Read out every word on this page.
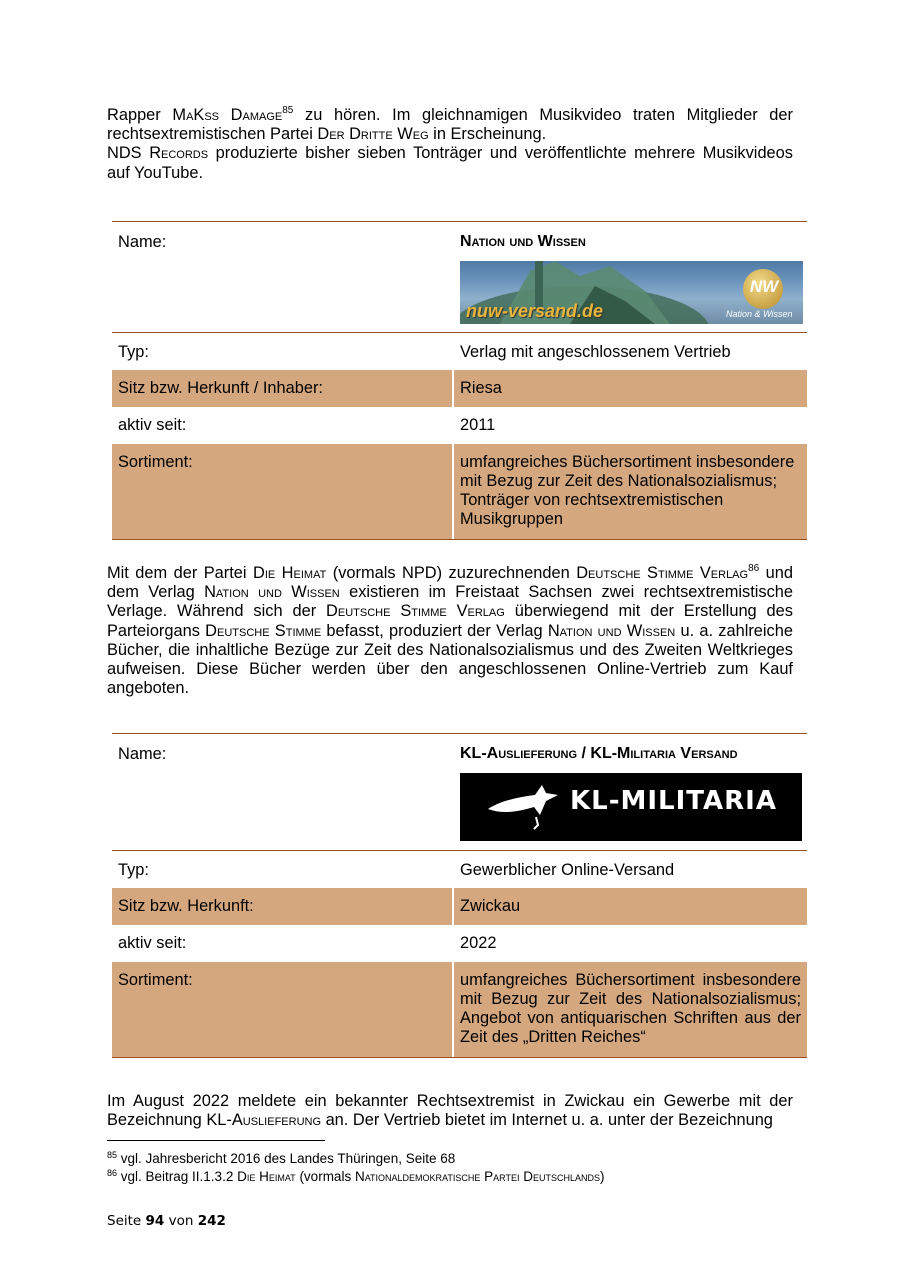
Rapper MaKss Damage$^{85}$ zu hören. Im gleichnamigen Musikvideo traten Mitglieder der rechtsextremistischen Partei Der Dritte Weg in Erscheinung.
NDS Records produzierte bisher sieben Tonträger und veröffentlichte mehrere Musikvideos auf YouTube.
Name:	Nation und Wissen
NW
nuw-versand.de	Nation & Wissen
Typ:	Verlag mit angeschlossenem Vertrieb
Sitz bzw. Herkunft / Inhaber:	Riesa
aktiv seit:	2011
Sortiment:	umfangreiches Büchersortiment insbesondere mit Bezug zur Zeit des Nationalsozialismus; Tonträger von rechtsextremistischen Musikgruppen
Mit dem der Partei Die Heimat (vormals NPD) zuzurechnenden Deutsche Stimme Verlag$^{86}$ und dem Verlag Nation und Wissen existieren im Freistaat Sachsen zwei rechtsextremistische Verlage. Während sich der Deutsche Stimme Verlag überwiegend mit der Erstellung des Parteiorgans Deutsche Stimme befasst, produziert der Verlag Nation und Wissen u. a. zahlreiche Bücher, die inhaltliche Bezüge zur Zeit des Nationalsozialismus und des Zweiten Weltkrieges aufweisen. Diese Bücher werden über den angeschlossenen Online-Vertrieb zum Kauf angeboten.
Name:	KL-Auslieferung / KL-Militaria Versand
KL-MILITARIA
Typ:	Gewerblicher Online-Versand
Sitz bzw. Herkunft:	Zwickau
aktiv seit:	2022
Sortiment:	umfangreiches Büchersortiment insbesondere mit Bezug zur Zeit des Nationalsozialismus; Angebot von antiquarischen Schriften aus der Zeit des „Dritten Reiches“
Im August 2022 meldete ein bekannter Rechtsextremist in Zwickau ein Gewerbe mit der Bezeichnung KL-Auslieferung an. Der Vertrieb bietet im Internet u. a. unter der Bezeichnung
$^{85}$ vgl. Jahresbericht 2016 des Landes Thüringen, Seite 68
$^{86}$ vgl. Beitrag II.1.3.2 Die Heimat (vormals Nationaldemokratische Partei Deutschlands)
Seite 94 von 242
